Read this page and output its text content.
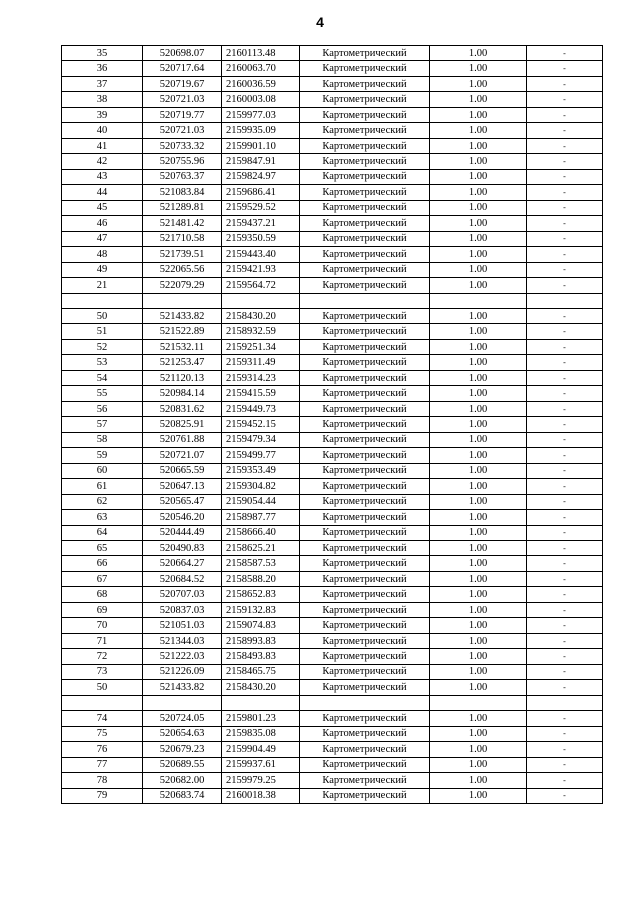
4
35	520698.07	2160113.48	Картометрический	1.00	-
36	520717.64	2160063.70	Картометрический	1.00	-
37	520719.67	2160036.59	Картометрический	1.00	-
38	520721.03	2160003.08	Картометрический	1.00	-
39	520719.77	2159977.03	Картометрический	1.00	-
40	520721.03	2159935.09	Картометрический	1.00	-
41	520733.32	2159901.10	Картометрический	1.00	-
42	520755.96	2159847.91	Картометрический	1.00	-
43	520763.37	2159824.97	Картометрический	1.00	-
44	521083.84	2159686.41	Картометрический	1.00	-
45	521289.81	2159529.52	Картометрический	1.00	-
46	521481.42	2159437.21	Картометрический	1.00	-
47	521710.58	2159350.59	Картометрический	1.00	-
48	521739.51	2159443.40	Картометрический	1.00	-
49	522065.56	2159421.93	Картометрический	1.00	-
21	522079.29	2159564.72	Картометрический	1.00	-

50	521433.82	2158430.20	Картометрический	1.00	-
51	521522.89	2158932.59	Картометрический	1.00	-
52	521532.11	2159251.34	Картометрический	1.00	-
53	521253.47	2159311.49	Картометрический	1.00	-
54	521120.13	2159314.23	Картометрический	1.00	-
55	520984.14	2159415.59	Картометрический	1.00	-
56	520831.62	2159449.73	Картометрический	1.00	-
57	520825.91	2159452.15	Картометрический	1.00	-
58	520761.88	2159479.34	Картометрический	1.00	-
59	520721.07	2159499.77	Картометрический	1.00	-
60	520665.59	2159353.49	Картометрический	1.00	-
61	520647.13	2159304.82	Картометрический	1.00	-
62	520565.47	2159054.44	Картометрический	1.00	-
63	520546.20	2158987.77	Картометрический	1.00	-
64	520444.49	2158666.40	Картометрический	1.00	-
65	520490.83	2158625.21	Картометрический	1.00	-
66	520664.27	2158587.53	Картометрический	1.00	-
67	520684.52	2158588.20	Картометрический	1.00	-
68	520707.03	2158652.83	Картометрический	1.00	-
69	520837.03	2159132.83	Картометрический	1.00	-
70	521051.03	2159074.83	Картометрический	1.00	-
71	521344.03	2158993.83	Картометрический	1.00	-
72	521222.03	2158493.83	Картометрический	1.00	-
73	521226.09	2158465.75	Картометрический	1.00	-
50	521433.82	2158430.20	Картометрический	1.00	-

74	520724.05	2159801.23	Картометрический	1.00	-
75	520654.63	2159835.08	Картометрический	1.00	-
76	520679.23	2159904.49	Картометрический	1.00	-
77	520689.55	2159937.61	Картометрический	1.00	-
78	520682.00	2159979.25	Картометрический	1.00	-
79	520683.74	2160018.38	Картометрический	1.00	-
